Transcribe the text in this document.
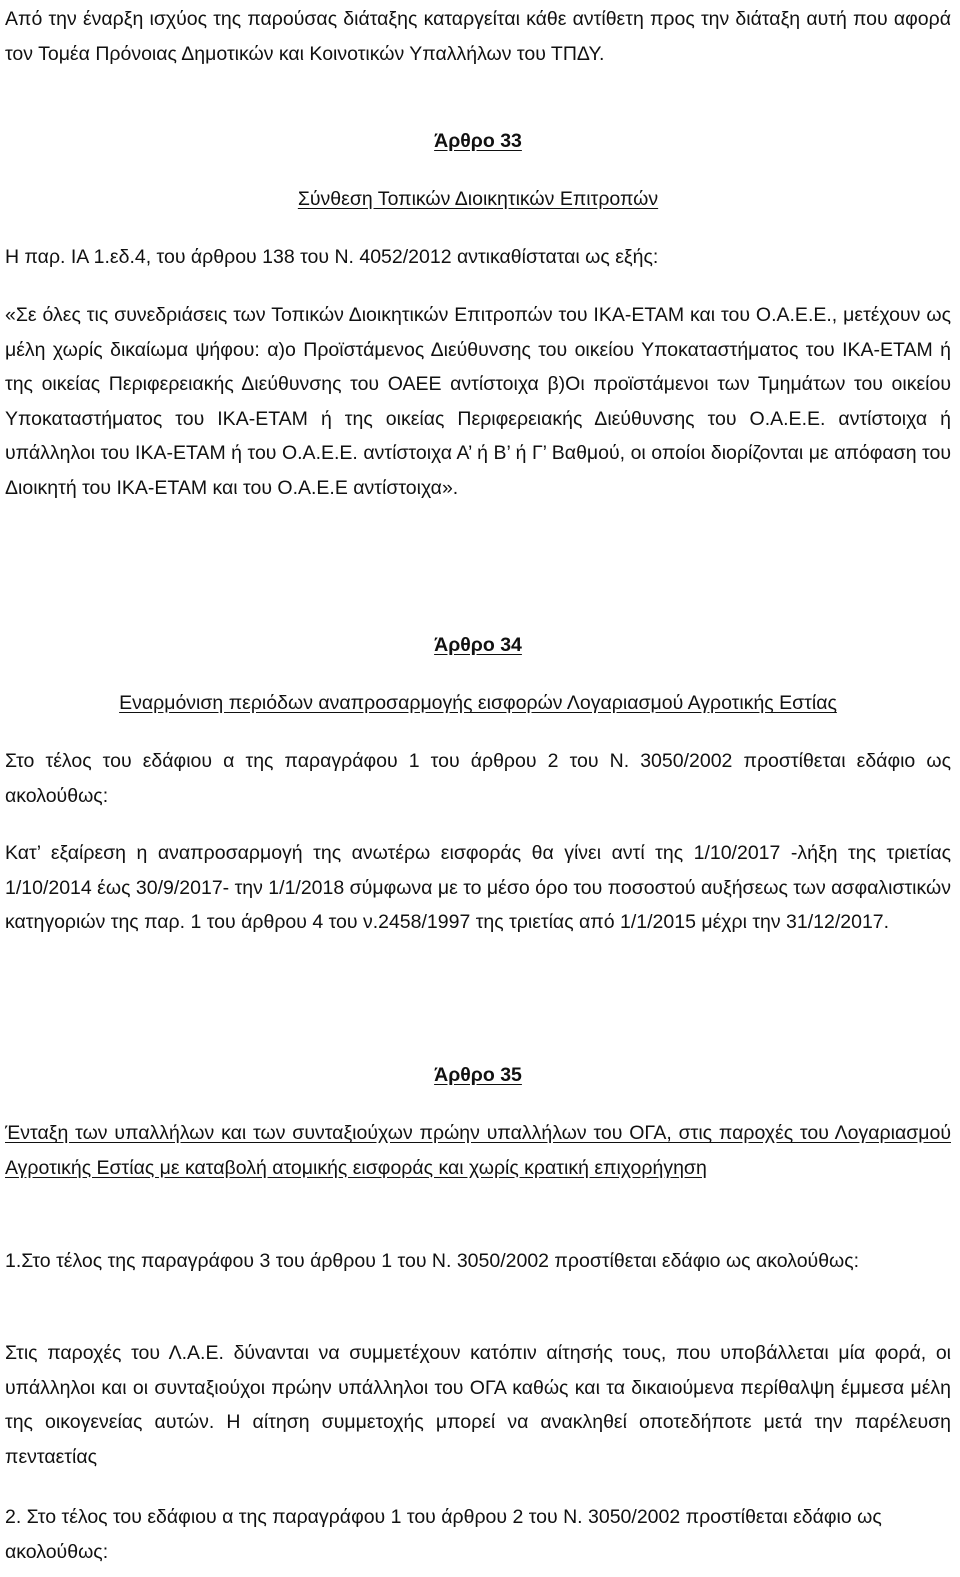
Από την έναρξη ισχύος της παρούσας διάταξης καταργείται κάθε αντίθετη προς την διάταξη αυτή που αφορά τον Τομέα Πρόνοιας Δημοτικών και Κοινοτικών Υπαλλήλων του ΤΠΔΥ.

Άρθρο 33
Σύνθεση Τοπικών Διοικητικών Επιτροπών

Η παρ. ΙΑ 1.εδ.4, του άρθρου 138 του Ν. 4052/2012 αντικαθίσταται ως εξής:

«Σε όλες τις συνεδριάσεις των Τοπικών Διοικητικών Επιτροπών του ΙΚΑ-ΕΤΑΜ και του Ο.Α.Ε.Ε., μετέχουν ως μέλη χωρίς δικαίωμα ψήφου: α)ο Προϊστάμενος Διεύθυνσης του οικείου Υποκαταστήματος του ΙΚΑ-ΕΤΑΜ ή της οικείας Περιφερειακής Διεύθυνσης του ΟΑΕΕ αντίστοιχα β)Οι προϊστάμενοι των Τμημάτων του οικείου Υποκαταστήματος του ΙΚΑ-ΕΤΑΜ ή της οικείας Περιφερειακής Διεύθυνσης του Ο.Α.Ε.Ε. αντίστοιχα ή υπάλληλοι του ΙΚΑ-ΕΤΑΜ ή του Ο.Α.Ε.Ε. αντίστοιχα Α’ ή Β’ ή Γ’ Βαθμού, οι οποίοι διορίζονται με απόφαση του Διοικητή του ΙΚΑ-ΕΤΑΜ και του Ο.Α.Ε.Ε αντίστοιχα».

Άρθρο 34
Εναρμόνιση περιόδων αναπροσαρμογής εισφορών Λογαριασμού Αγροτικής Εστίας

Στο τέλος του εδάφιου α της παραγράφου 1 του άρθρου 2 του Ν. 3050/2002 προστίθεται εδάφιο ως ακολούθως:

Κατ’ εξαίρεση η αναπροσαρμογή της ανωτέρω εισφοράς θα γίνει αντί της 1/10/2017 -λήξη της τριετίας 1/10/2014 έως 30/9/2017- την 1/1/2018 σύμφωνα με το μέσο όρο του ποσοστού αυξήσεως των ασφαλιστικών κατηγοριών της παρ. 1 του άρθρου 4 του ν.2458/1997 της τριετίας από 1/1/2015 μέχρι την 31/12/2017.

Άρθρο 35
Ένταξη των υπαλλήλων και των συνταξιούχων πρώην υπαλλήλων του ΟΓΑ, στις παροχές του Λογαριασμού Αγροτικής Εστίας με καταβολή ατομικής εισφοράς και χωρίς κρατική επιχορήγηση

1.Στο τέλος της παραγράφου 3 του άρθρου 1 του Ν. 3050/2002 προστίθεται εδάφιο ως ακολούθως:

Στις παροχές του Λ.Α.Ε. δύνανται να συμμετέχουν κατόπιν αίτησής τους, που υποβάλλεται μία φορά, οι υπάλληλοι και οι συνταξιούχοι πρώην υπάλληλοι του ΟΓΑ καθώς και τα δικαιούμενα περίθαλψη έμμεσα μέλη της οικογενείας αυτών. Η αίτηση συμμετοχής μπορεί να ανακληθεί οποτεδήποτε μετά την παρέλευση πενταετίας

2. Στο τέλος του εδάφιου α της παραγράφου 1 του άρθρου 2 του Ν. 3050/2002 προστίθεται εδάφιο ως ακολούθως:
